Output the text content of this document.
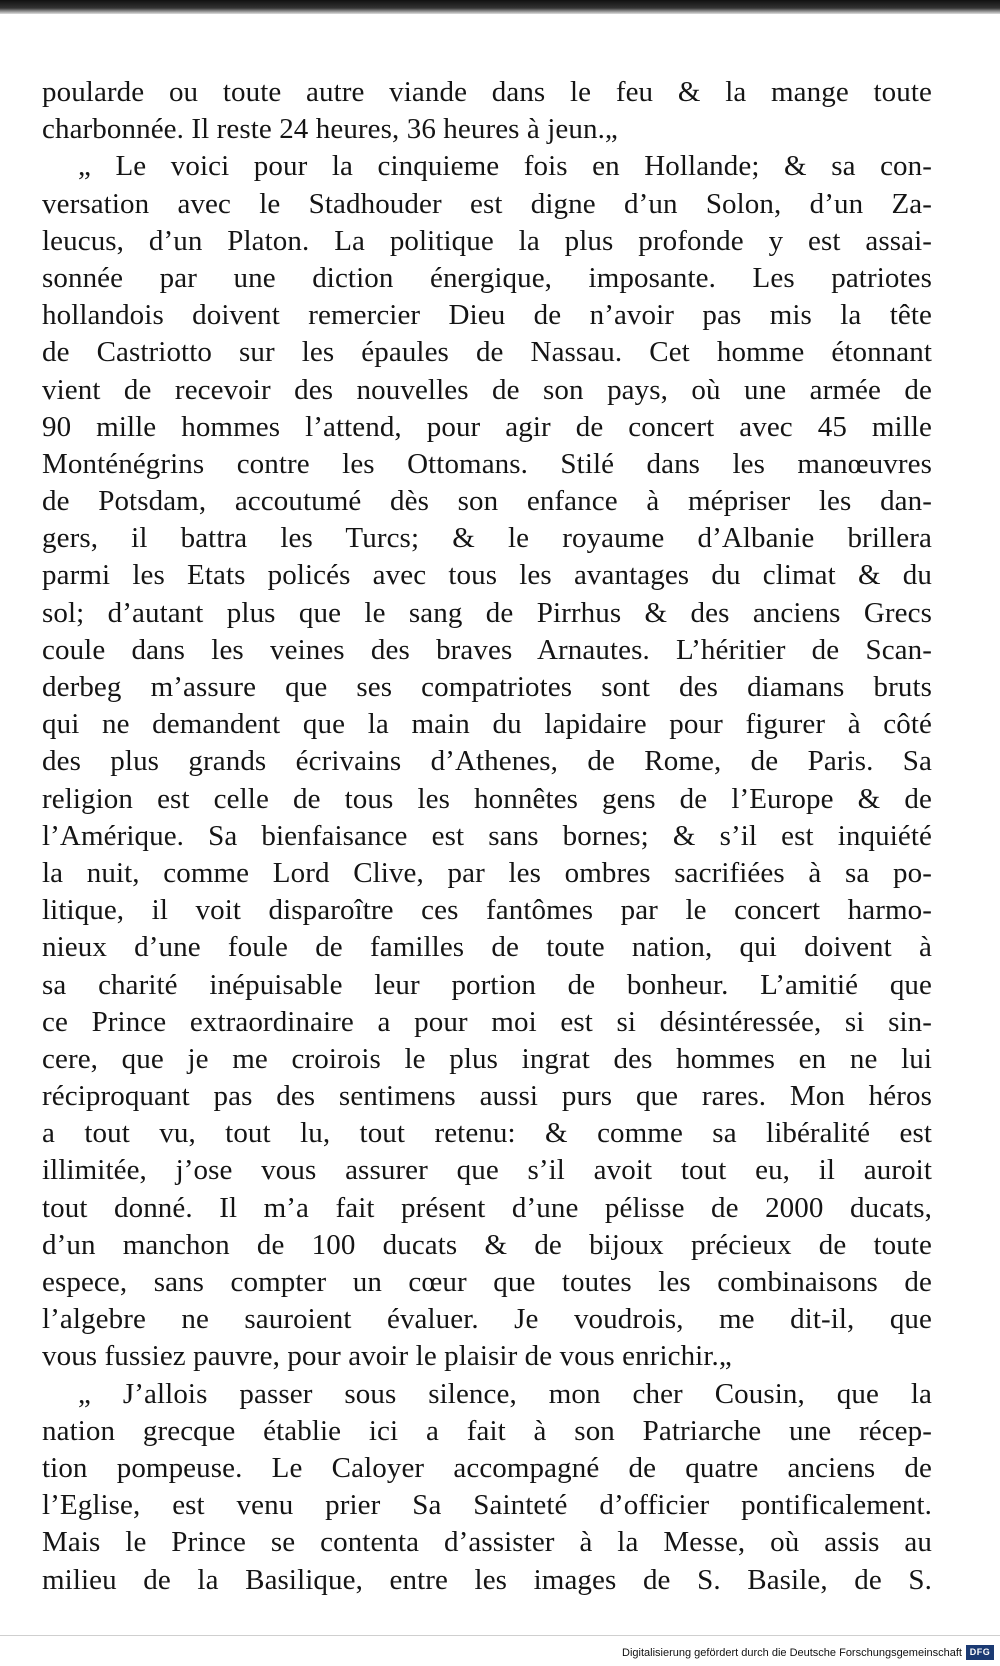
poularde ou toute autre viande dans le feu & la mange toute
charbonnée. Il reste 24 heures, 36 heures à jeun.„
„ Le voici pour la cinquieme fois en Hollande; & sa con-
versation avec le Stadhouder est digne d’un Solon, d’un Za-
leucus, d’un Platon. La politique la plus profonde y est assai-
sonnée par une diction énergique, imposante. Les patriotes
hollandois doivent remercier Dieu de n’avoir pas mis la tête
de Castriotto sur les épaules de Nassau. Cet homme étonnant
vient de recevoir des nouvelles de son pays, où une armée de
90 mille hommes l’attend, pour agir de concert avec 45 mille
Monténégrins contre les Ottomans. Stilé dans les manœuvres
de Potsdam, accoutumé dès son enfance à mépriser les dan-
gers, il battra les Turcs; & le royaume d’Albanie brillera
parmi les Etats policés avec tous les avantages du climat & du
sol; d’autant plus que le sang de Pirrhus & des anciens Grecs
coule dans les veines des braves Arnautes. L’héritier de Scan-
derbeg m’assure que ses compatriotes sont des diamans bruts
qui ne demandent que la main du lapidaire pour figurer à côté
des plus grands écrivains d’Athenes, de Rome, de Paris. Sa
religion est celle de tous les honnêtes gens de l’Europe & de
l’Amérique. Sa bienfaisance est sans bornes; & s’il est inquiété
la nuit, comme Lord Clive, par les ombres sacrifiées à sa po-
litique, il voit disparoître ces fantômes par le concert harmo-
nieux d’une foule de familles de toute nation, qui doivent à
sa charité inépuisable leur portion de bonheur. L’amitié que
ce Prince extraordinaire a pour moi est si désintéressée, si sin-
cere, que je me croirois le plus ingrat des hommes en ne lui
réciproquant pas des sentimens aussi purs que rares. Mon héros
a tout vu, tout lu, tout retenu: & comme sa libéralité est
illimitée, j’ose vous assurer que s’il avoit tout eu, il auroit
tout donné. Il m’a fait présent d’une pélisse de 2000 ducats,
d’un manchon de 100 ducats & de bijoux précieux de toute
espece, sans compter un cœur que toutes les combinaisons de
l’algebre ne sauroient évaluer. Je voudrois, me dit-il, que
vous fussiez pauvre, pour avoir le plaisir de vous enrichir.„
„ J’allois passer sous silence, mon cher Cousin, que la
nation grecque établie ici a fait à son Patriarche une récep-
tion pompeuse. Le Caloyer accompagné de quatre anciens de
l’Eglise, est venu prier Sa Sainteté d’officier pontificalement.
Mais le Prince se contenta d’assister à la Messe, où assis au
milieu de la Basilique, entre les images de S. Basile, de S.
Digitalisierung gefördert durch die Deutsche Forschungsgemeinschaft DFG
